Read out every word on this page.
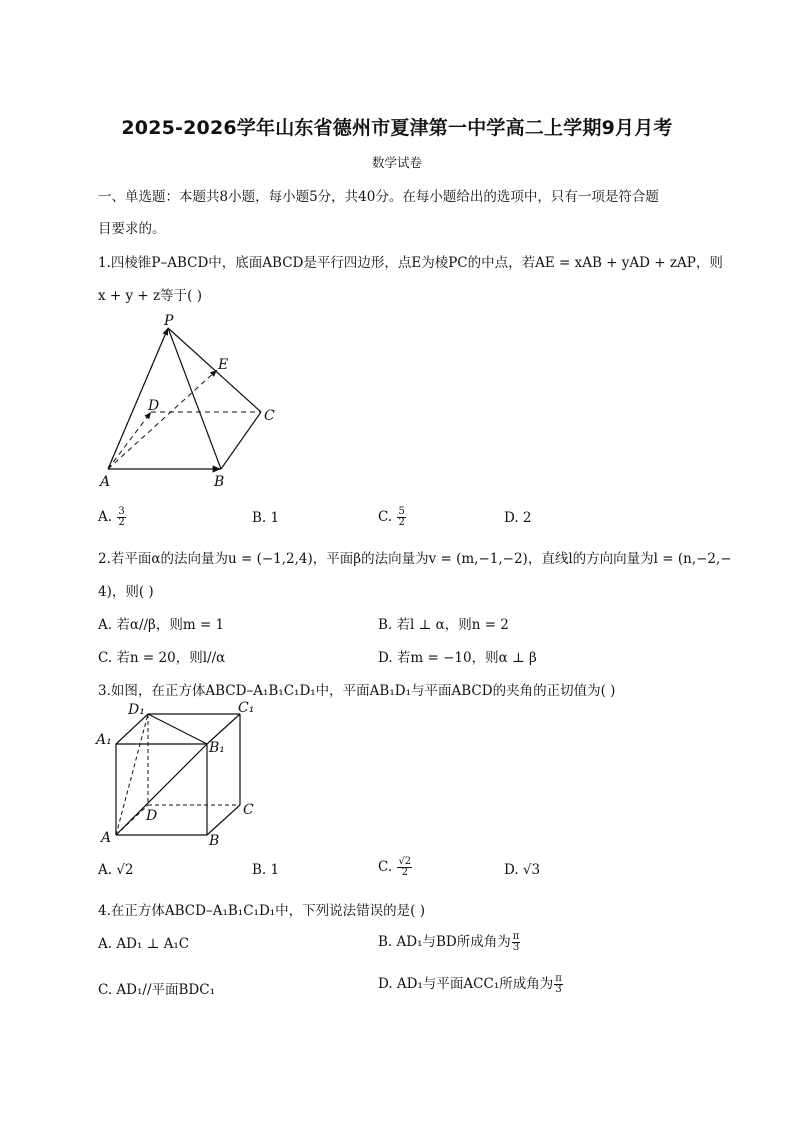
2025-2026学年山东省德州市夏津第一中学高二上学期9月月考
数学试卷
一、单选题：本题共8小题，每小题5分，共40分。在每小题给出的选项中，只有一项是符合题
目要求的。
1.四棱锥P–ABCD中，底面ABCD是平行四边形，点E为棱PC的中点，若AE = xAB + yAD + zAP，则
x + y + z等于( )
P
E
D
C
A	B
A. $\frac{3}{2}$	B. 1	C. $\frac{5}{2}$	D. 2
2.若平面α的法向量为u = (−1,2,4)，平面β的法向量为v = (m,−1,−2)，直线l的方向向量为l = (n,−2,−
4)，则( )
A. 若α//β，则m = 1	B. 若l ⊥ α，则n = 2
C. 若n = 20，则l//α	D. 若m = −10，则α ⊥ β
3.如图，在正方体ABCD–A₁B₁C₁D₁中，平面AB₁D₁与平面ABCD的夹角的正切值为( )
D₁	C₁
A₁	B₁
D	C
A	B
A. √2	B. 1	C. $\frac{√2}{2}$	D. √3
4.在正方体ABCD–A₁B₁C₁D₁中，下列说法错误的是( )
A. AD₁ ⊥ A₁C	B. AD₁与BD所成角为 $\frac{\pi}{3}$
C. AD₁//平面BDC₁	D. AD₁与平面ACC₁所成角为 $\frac{\pi}{3}$
